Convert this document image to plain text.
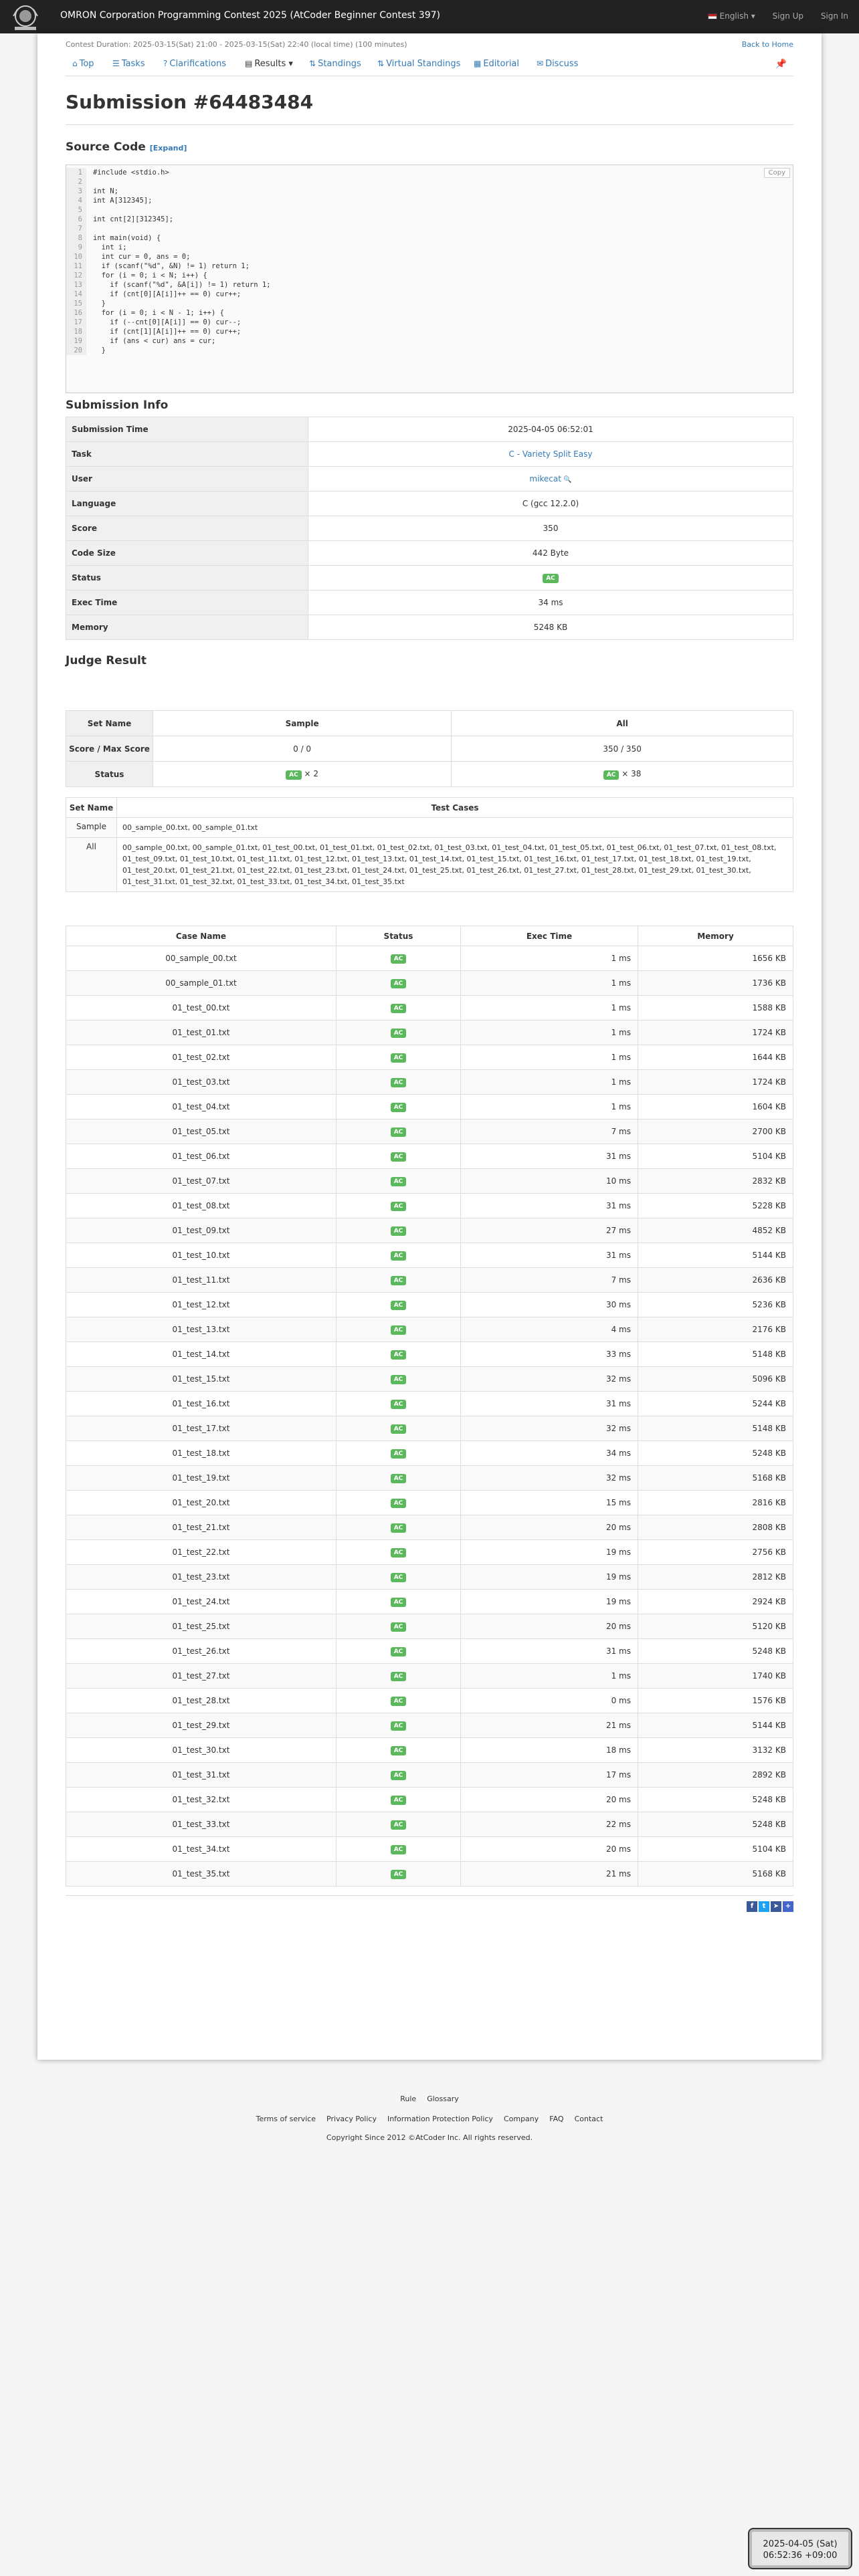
OMRON Corporation Programming Contest 2025 (AtCoder Beginner Contest 397)	English ▾ Sign Up Sign In
Contest Duration: 2025-03-15(Sat) 21:00 - 2025-03-15(Sat) 22:40 (local time) (100 minutes)	Back to Home
⌂ Top ☰ Tasks ? Clarifications ▤ Results ▾ ⇅ Standings ⇅ Virtual Standings ▦ Editorial ✉ Discuss	📌
Submission #64483484
Source Code [Expand]
Copy
1 #include <stdio.h>
2
3 int N;
4 int A[312345];
5
6 int cnt[2][312345];
7
8 int main(void) {
9  int i;
10  int cur = 0, ans = 0;
11  if (scanf("%d", &N) != 1) return 1;
12  for (i = 0; i < N; i++) {
13    if (scanf("%d", &A[i]) != 1) return 1;
14    if (cnt[0][A[i]]++ == 0) cur++;
15  }
16  for (i = 0; i < N - 1; i++) {
17    if (--cnt[0][A[i]] == 0) cur--;
18    if (cnt[1][A[i]]++ == 0) cur++;
19    if (ans < cur) ans = cur;
20  }
Submission Info
Submission Time	2025-04-05 06:52:01
Task	C - Variety Split Easy
User	mikecat 🔍
Language	C (gcc 12.2.0)
Score	350
Code Size	442 Byte
Status	AC
Exec Time	34 ms
Memory	5248 KB
Judge Result
Set Name	Sample	All
Score / Max Score	0 / 0	350 / 350
Status	AC × 2	AC × 38
Set Name	Test Cases
Sample	00_sample_00.txt, 00_sample_01.txt
All	00_sample_00.txt, 00_sample_01.txt, 01_test_00.txt, 01_test_01.txt, 01_test_02.txt, 01_test_03.txt, 01_test_04.txt, 01_test_05.txt, 01_test_06.txt, 01_test_07.txt, 01_test_08.txt, 01_test_09.txt, 01_test_10.txt, 01_test_11.txt, 01_test_12.txt, 01_test_13.txt, 01_test_14.txt, 01_test_15.txt, 01_test_16.txt, 01_test_17.txt, 01_test_18.txt, 01_test_19.txt, 01_test_20.txt, 01_test_21.txt, 01_test_22.txt, 01_test_23.txt, 01_test_24.txt, 01_test_25.txt, 01_test_26.txt, 01_test_27.txt, 01_test_28.txt, 01_test_29.txt, 01_test_30.txt, 01_test_31.txt, 01_test_32.txt, 01_test_33.txt, 01_test_34.txt, 01_test_35.txt
Case Name	Status	Exec Time	Memory
00_sample_00.txt	AC	1 ms	1656 KB
00_sample_01.txt	AC	1 ms	1736 KB
01_test_00.txt	AC	1 ms	1588 KB
01_test_01.txt	AC	1 ms	1724 KB
01_test_02.txt	AC	1 ms	1644 KB
01_test_03.txt	AC	1 ms	1724 KB
01_test_04.txt	AC	1 ms	1604 KB
01_test_05.txt	AC	7 ms	2700 KB
01_test_06.txt	AC	31 ms	5104 KB
01_test_07.txt	AC	10 ms	2832 KB
01_test_08.txt	AC	31 ms	5228 KB
01_test_09.txt	AC	27 ms	4852 KB
01_test_10.txt	AC	31 ms	5144 KB
01_test_11.txt	AC	7 ms	2636 KB
01_test_12.txt	AC	30 ms	5236 KB
01_test_13.txt	AC	4 ms	2176 KB
01_test_14.txt	AC	33 ms	5148 KB
01_test_15.txt	AC	32 ms	5096 KB
01_test_16.txt	AC	31 ms	5244 KB
01_test_17.txt	AC	32 ms	5148 KB
01_test_18.txt	AC	34 ms	5248 KB
01_test_19.txt	AC	32 ms	5168 KB
01_test_20.txt	AC	15 ms	2816 KB
01_test_21.txt	AC	20 ms	2808 KB
01_test_22.txt	AC	19 ms	2756 KB
01_test_23.txt	AC	19 ms	2812 KB
01_test_24.txt	AC	19 ms	2924 KB
01_test_25.txt	AC	20 ms	5120 KB
01_test_26.txt	AC	31 ms	5248 KB
01_test_27.txt	AC	1 ms	1740 KB
01_test_28.txt	AC	0 ms	1576 KB
01_test_29.txt	AC	21 ms	5144 KB
01_test_30.txt	AC	18 ms	3132 KB
01_test_31.txt	AC	17 ms	2892 KB
01_test_32.txt	AC	20 ms	5248 KB
01_test_33.txt	AC	22 ms	5248 KB
01_test_34.txt	AC	20 ms	5104 KB
01_test_35.txt	AC	21 ms	5168 KB
f t ➤ +
Rule Glossary
Terms of service Privacy Policy Information Protection Policy Company FAQ Contact
Copyright Since 2012 ©AtCoder Inc. All rights reserved.
2025-04-05 (Sat)
06:52:36 +09:00
